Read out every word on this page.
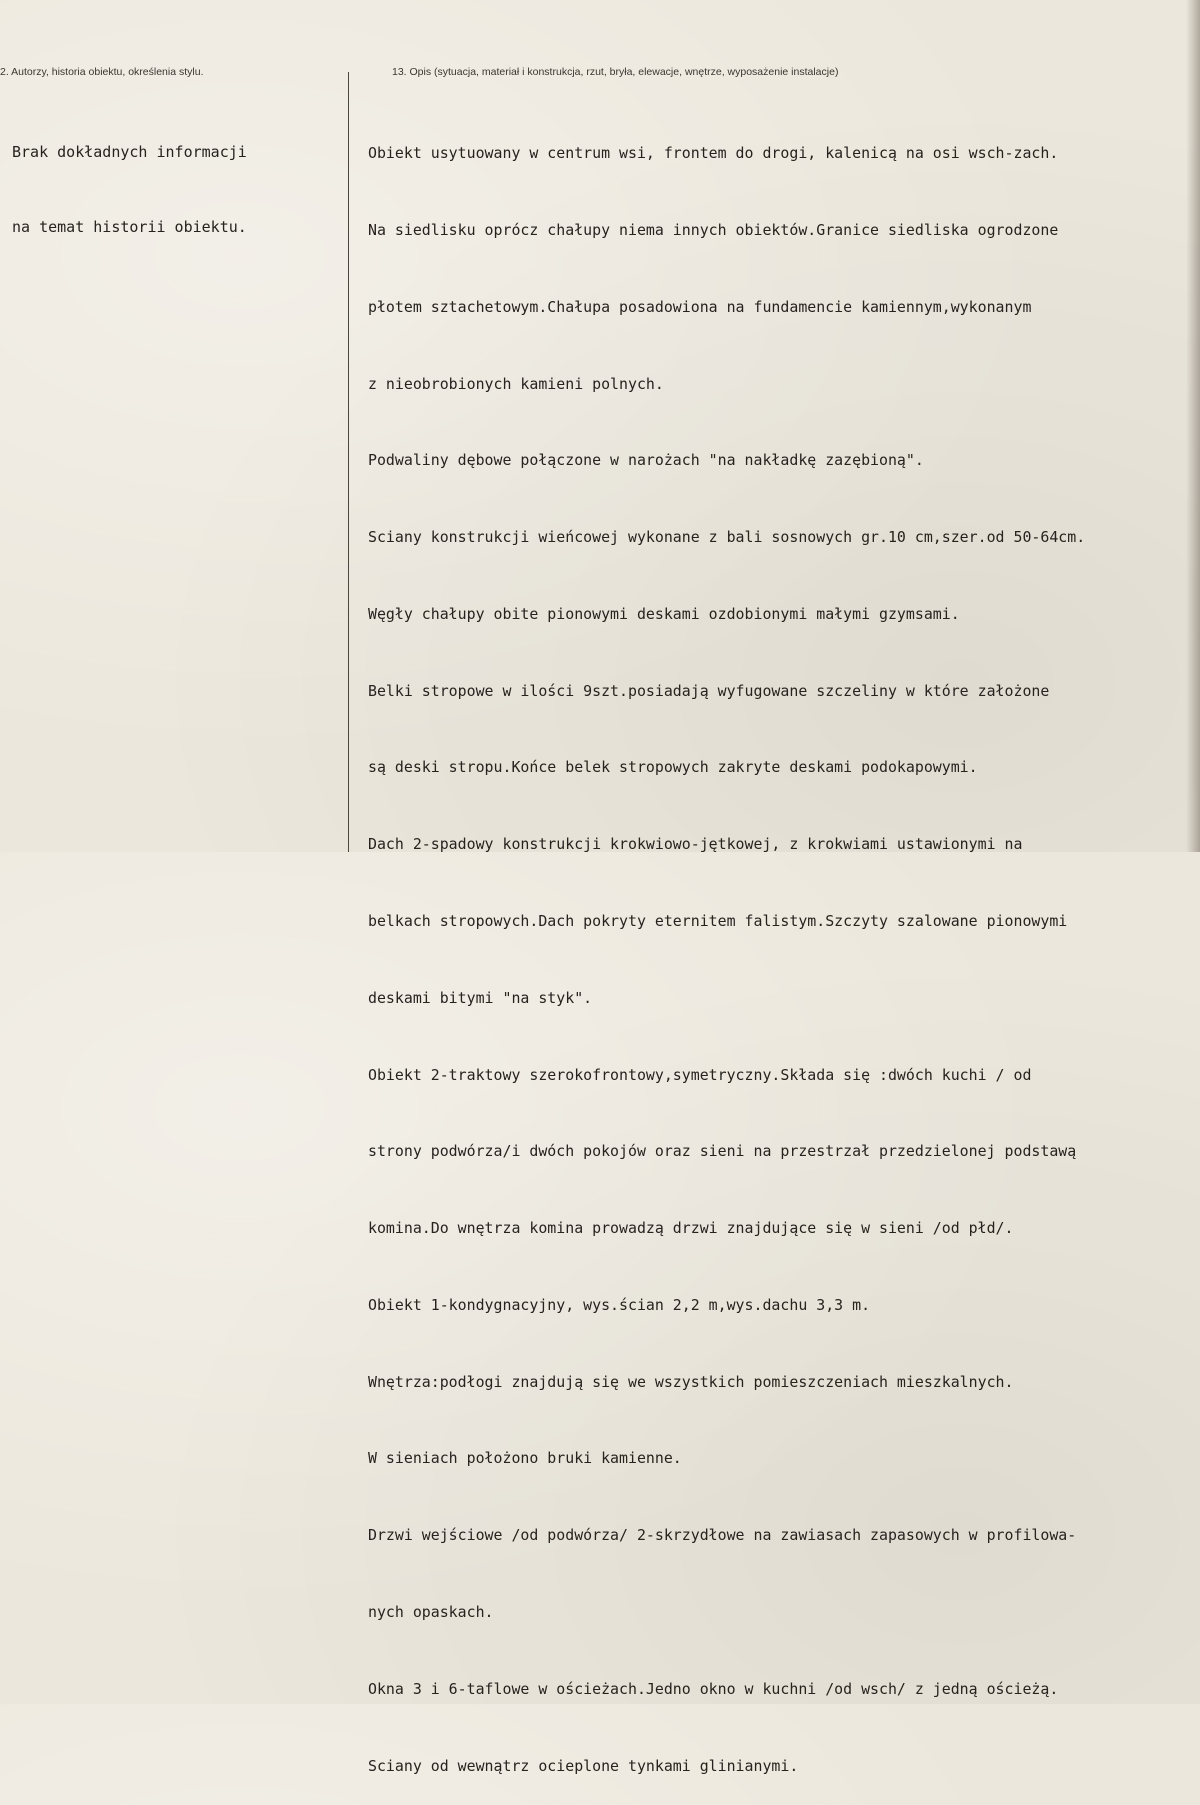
2. Autorzy, historia obiektu, określenia stylu.	13. Opis (sytuacja, materiał i konstrukcja, rzut, bryła, elewacje, wnętrze, wyposażenie instalacje)

Brak dokładnych informacji

na temat historii obiektu.

Obiekt usytuowany w centrum wsi, frontem do drogi, kalenicą na osi wsch-zach.

Na siedlisku oprócz chałupy niema innych obiektów.Granice siedliska ogrodzone

płotem sztachetowym.Chałupa posadowiona na fundamencie kamiennym,wykonanym

z nieobrobionych kamieni polnych.

Podwaliny dębowe połączone w narożach "na nakładkę zazębioną".

Sciany konstrukcji wieńcowej wykonane z bali sosnowych gr.10 cm,szer.od 50-64cm.

Węgły chałupy obite pionowymi deskami ozdobionymi małymi gzymsami.

Belki stropowe w ilości 9szt.posiadają wyfugowane szczeliny w które założone

są deski stropu.Końce belek stropowych zakryte deskami podokapowymi.

Dach 2-spadowy konstrukcji krokwiowo-jętkowej, z krokwiami ustawionymi na

belkach stropowych.Dach pokryty eternitem falistym.Szczyty szalowane pionowymi

deskami bitymi "na styk".

Obiekt 2-traktowy szerokofrontowy,symetryczny.Składa się :dwóch kuchi / od

strony podwórza/i dwóch pokojów oraz sieni na przestrzał przedzielonej podstawą

komina.Do wnętrza komina prowadzą drzwi znajdujące się w sieni /od płd/.

Obiekt 1-kondygnacyjny, wys.ścian 2,2 m,wys.dachu 3,3 m.

Wnętrza:podłogi znajdują się we wszystkich pomieszczeniach mieszkalnych.

W sieniach położono bruki kamienne.

Drzwi wejściowe /od podwórza/ 2-skrzydłowe na zawiasach zapasowych w profilowa-

nych opaskach.

Okna 3 i 6-taflowe w ościeżach.Jedno okno w kuchni /od wsch/ z jedną ościeżą.

Sciany od wewnątrz ocieplone tynkami glinianymi.
